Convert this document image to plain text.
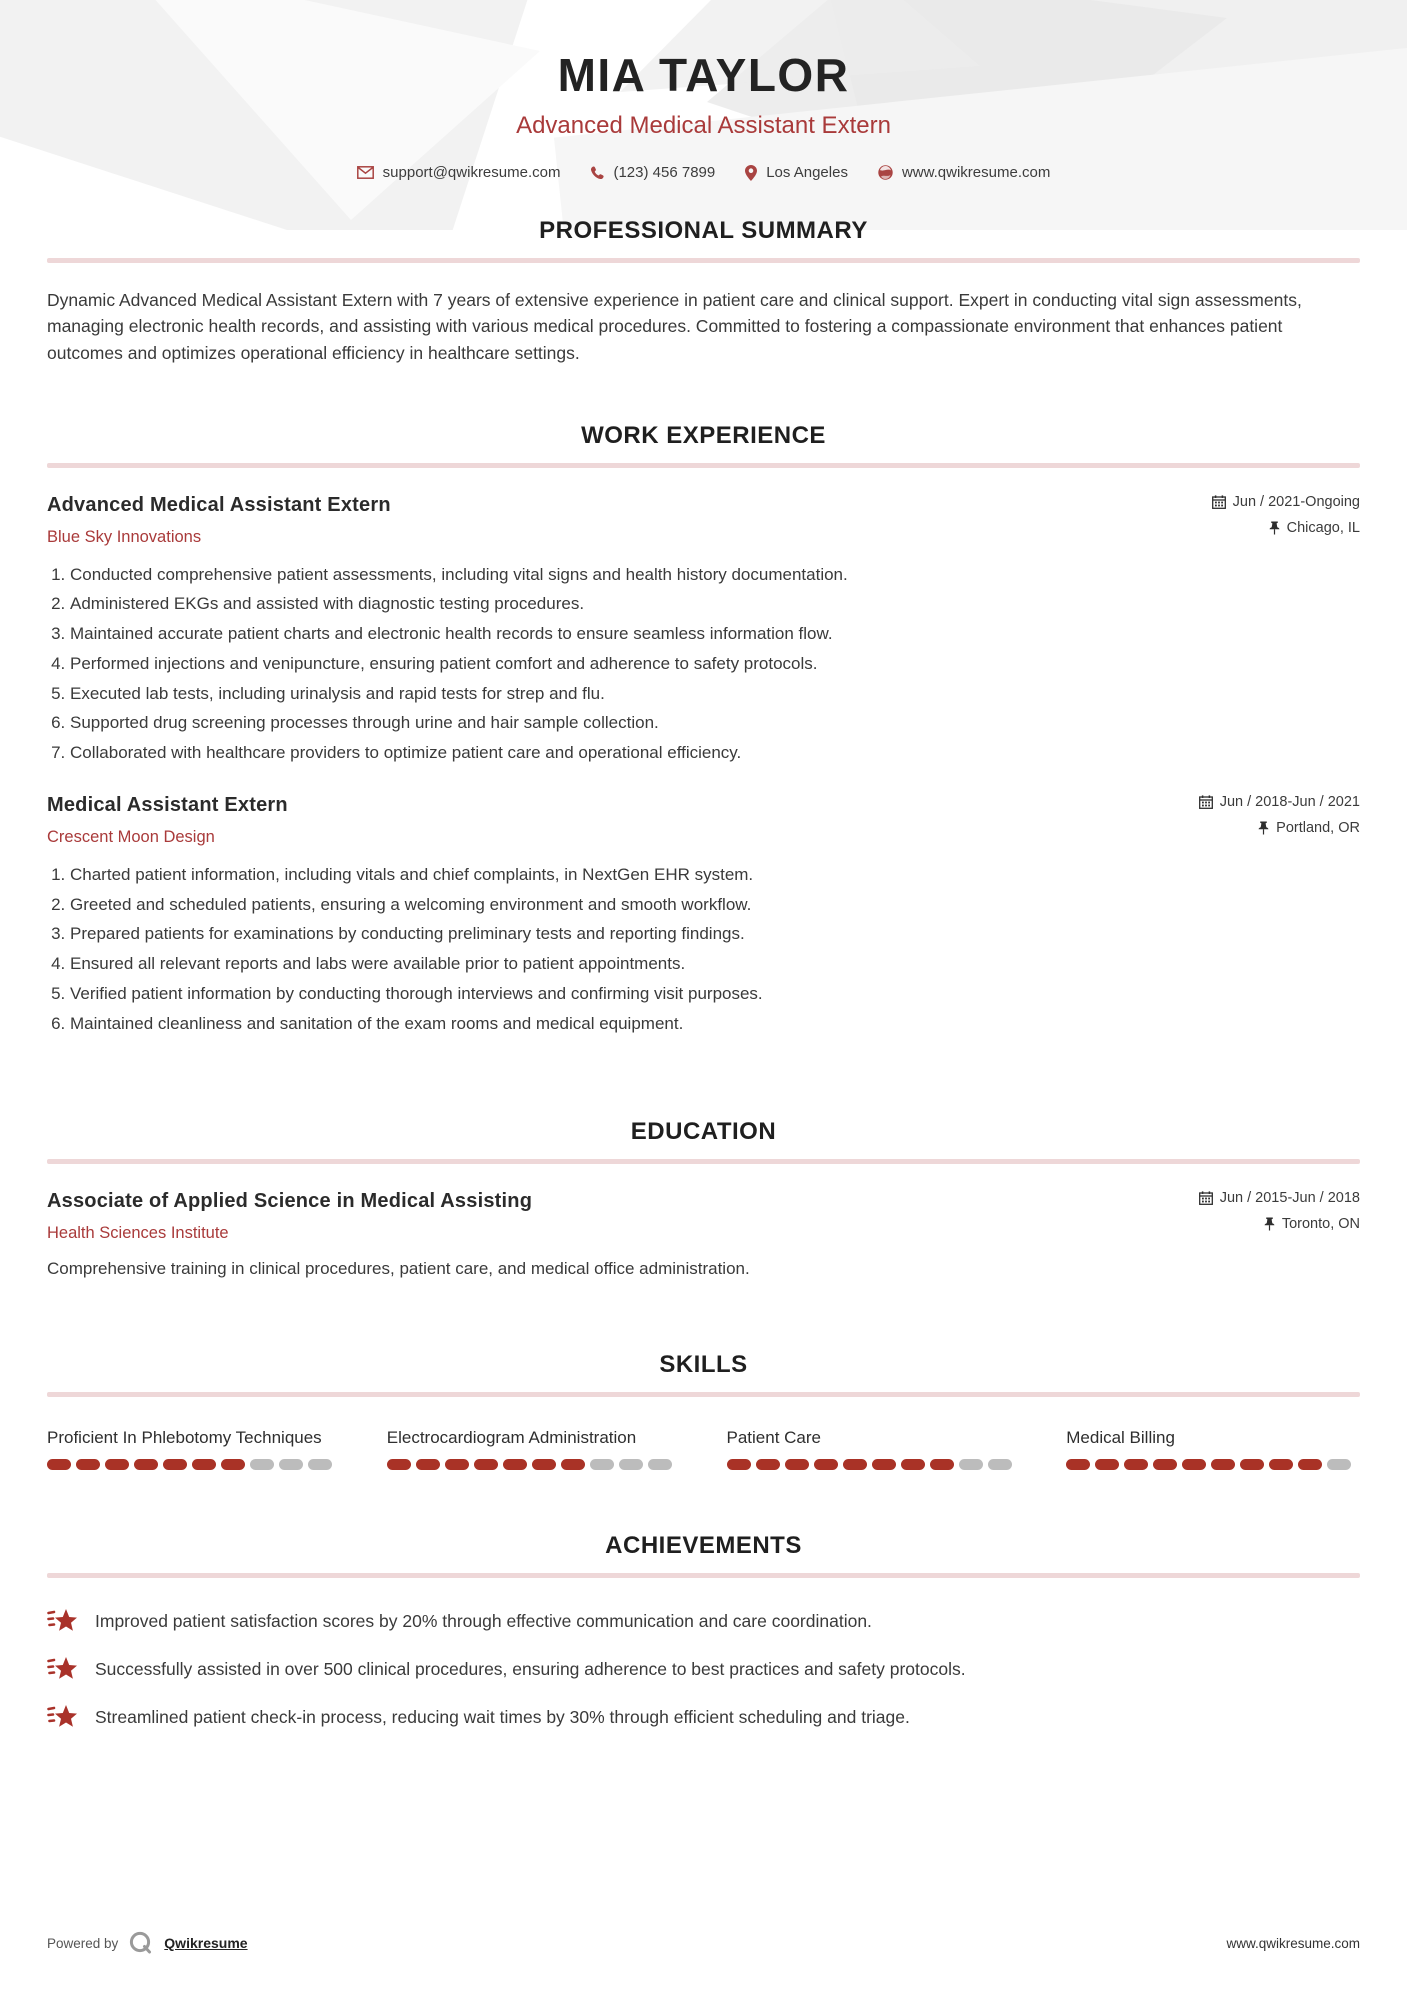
MIA TAYLOR
Advanced Medical Assistant Extern
support@qwikresume.com	(123) 456 7899	Los Angeles	www.qwikresume.com
PROFESSIONAL SUMMARY

Dynamic Advanced Medical Assistant Extern with 7 years of extensive experience in patient care and clinical support. Expert in conducting vital sign assessments, managing electronic health records, and assisting with various medical procedures. Committed to fostering a compassionate environment that enhances patient outcomes and optimizes operational efficiency in healthcare settings.

WORK EXPERIENCE
Advanced Medical Assistant Extern
Blue Sky Innovations
Jun / 2021-Ongoing
Chicago, IL
1. Conducted comprehensive patient assessments, including vital signs and health history documentation.
2. Administered EKGs and assisted with diagnostic testing procedures.
3. Maintained accurate patient charts and electronic health records to ensure seamless information flow.
4. Performed injections and venipuncture, ensuring patient comfort and adherence to safety protocols.
5. Executed lab tests, including urinalysis and rapid tests for strep and flu.
6. Supported drug screening processes through urine and hair sample collection.
7. Collaborated with healthcare providers to optimize patient care and operational efficiency.
Medical Assistant Extern
Crescent Moon Design
Jun / 2018-Jun / 2021
Portland, OR
1. Charted patient information, including vitals and chief complaints, in NextGen EHR system.
2. Greeted and scheduled patients, ensuring a welcoming environment and smooth workflow.
3. Prepared patients for examinations by conducting preliminary tests and reporting findings.
4. Ensured all relevant reports and labs were available prior to patient appointments.
5. Verified patient information by conducting thorough interviews and confirming visit purposes.
6. Maintained cleanliness and sanitation of the exam rooms and medical equipment.
EDUCATION
Associate of Applied Science in Medical Assisting
Health Sciences Institute
Jun / 2015-Jun / 2018
Toronto, ON

Comprehensive training in clinical procedures, patient care, and medical office administration.

SKILLS
Proficient In Phlebotomy Techniques	Electrocardiogram Administration	Patient Care	Medical Billing
ACHIEVEMENTS
Improved patient satisfaction scores by 20% through effective communication and care coordination.
Successfully assisted in over 500 clinical procedures, ensuring adherence to best practices and safety protocols.
Streamlined patient check-in process, reducing wait times by 30% through efficient scheduling and triage.
Powered by	Qwikresume	www.qwikresume.com
